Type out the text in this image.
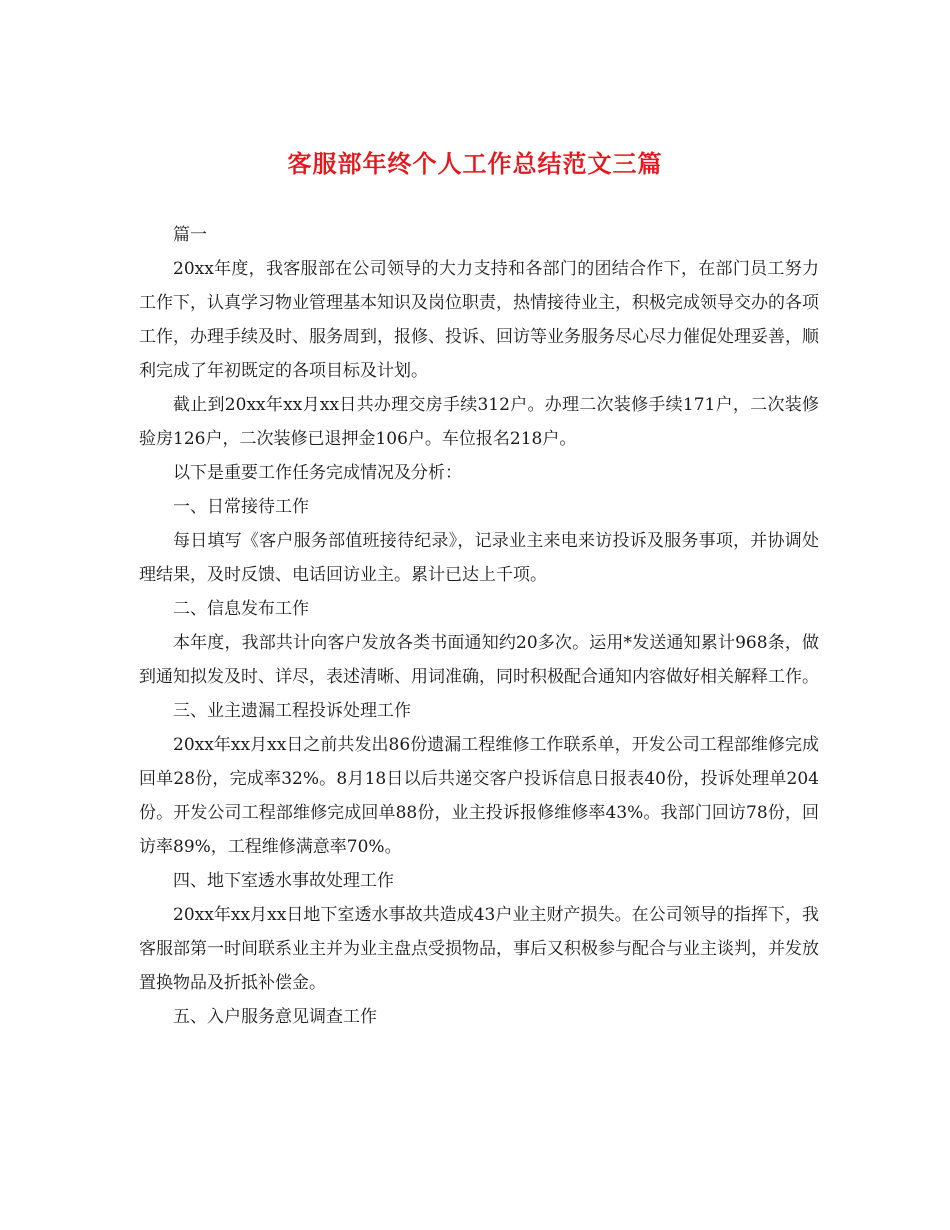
客服部年终个人工作总结范文三篇

篇一

20xx年度，我客服部在公司领导的大力支持和各部门的团结合作下，在部门员工努力工作下，认真学习物业管理基本知识及岗位职责，热情接待业主，积极完成领导交办的各项工作，办理手续及时、服务周到，报修、投诉、回访等业务服务尽心尽力催促处理妥善，顺利完成了年初既定的各项目标及计划。

截止到20xx年xx月xx日共办理交房手续312户。办理二次装修手续171户，二次装修验房126户，二次装修已退押金106户。车位报名218户。

以下是重要工作任务完成情况及分析：

一、日常接待工作

每日填写《客户服务部值班接待纪录》，记录业主来电来访投诉及服务事项，并协调处理结果，及时反馈、电话回访业主。累计已达上千项。

二、信息发布工作

本年度，我部共计向客户发放各类书面通知约20多次。运用*发送通知累计968条，做到通知拟发及时、详尽，表述清晰、用词准确，同时积极配合通知内容做好相关解释工作。

三、业主遗漏工程投诉处理工作

20xx年xx月xx日之前共发出86份遗漏工程维修工作联系单，开发公司工程部维修完成回单28份，完成率32%。8月18日以后共递交客户投诉信息日报表40份，投诉处理单204份。开发公司工程部维修完成回单88份，业主投诉报修维修率43%。我部门回访78份，回访率89%，工程维修满意率70%。

四、地下室透水事故处理工作

20xx年xx月xx日地下室透水事故共造成43户业主财产损失。在公司领导的指挥下，我客服部第一时间联系业主并为业主盘点受损物品，事后又积极参与配合与业主谈判，并发放置换物品及折抵补偿金。

五、入户服务意见调查工作
